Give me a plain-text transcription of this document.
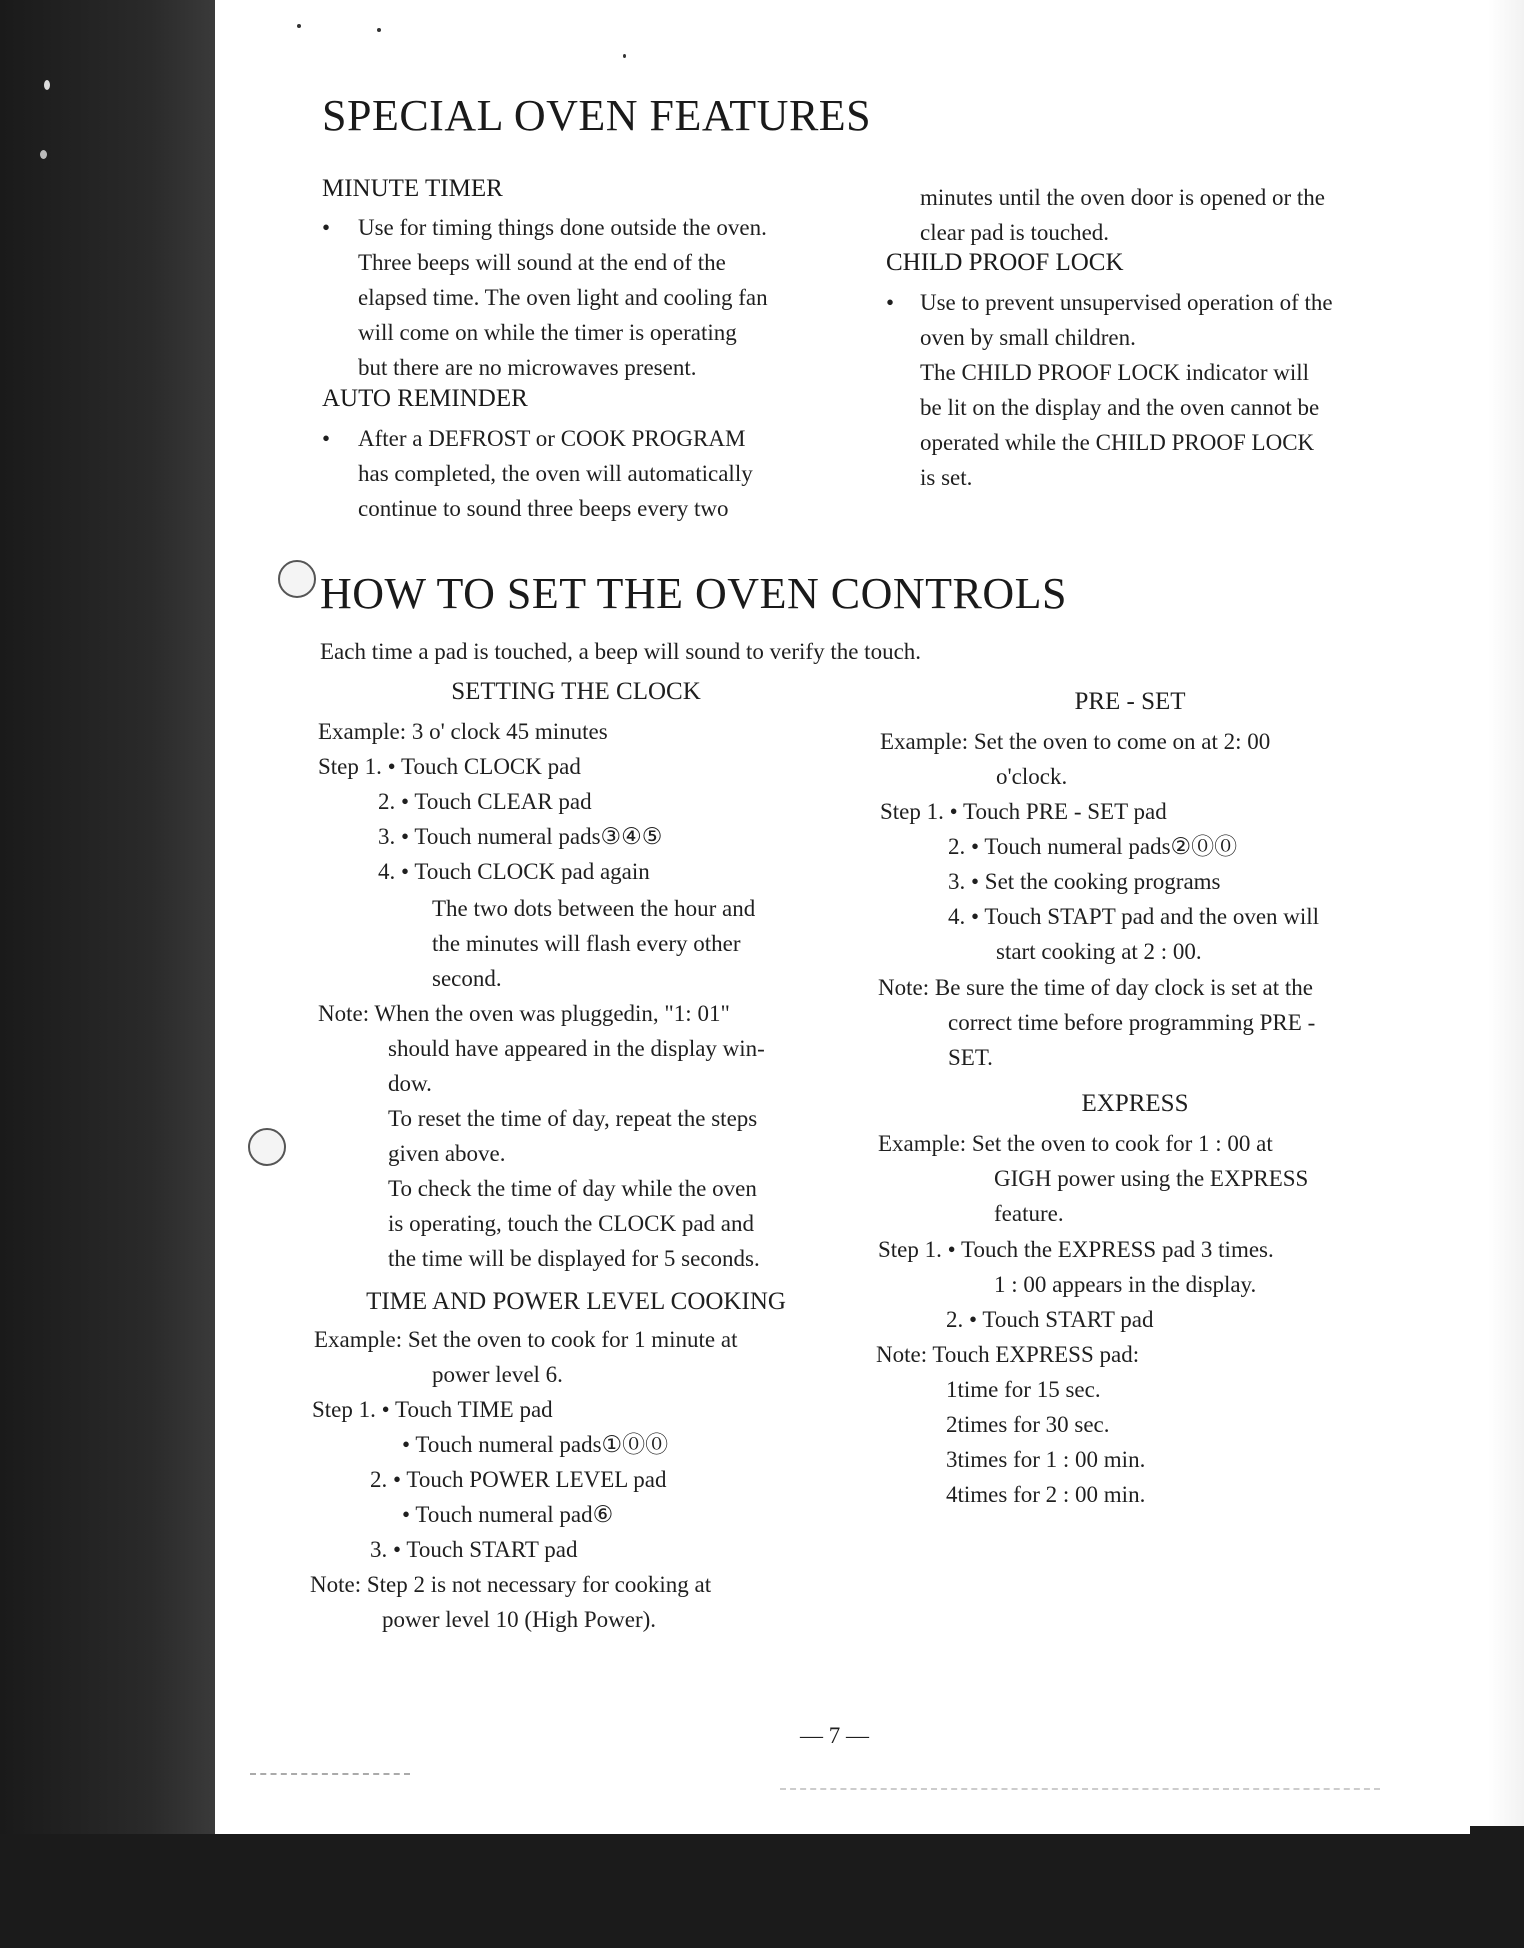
SPECIAL OVEN FEATURES
MINUTE TIMER
• Use for timing things done outside the oven.
Three beeps will sound at the end of the
elapsed time. The oven light and cooling fan
will come on while the timer is operating
but there are no microwaves present.
AUTO REMINDER
• After a DEFROST or COOK PROGRAM
has completed, the oven will automatically
continue to sound three beeps every two
minutes until the oven door is opened or the
clear pad is touched.
CHILD PROOF LOCK
• Use to prevent unsupervised operation of the
oven by small children.
The CHILD PROOF LOCK indicator will
be lit on the display and the oven cannot be
operated while the CHILD PROOF LOCK
is set.
HOW TO SET THE OVEN CONTROLS
Each time a pad is touched, a beep will sound to verify the touch.
SETTING THE CLOCK
Example: 3 o' clock 45 minutes
Step 1. • Touch CLOCK pad
2. • Touch CLEAR pad
3. • Touch numeral pads③④⑤
4. • Touch CLOCK pad again
The two dots between the hour and
the minutes will flash every other
second.
Note: When the oven was pluggedin, "1: 01"
should have appeared in the display win-
dow.
To reset the time of day, repeat the steps
given above.
To check the time of day while the oven
is operating, touch the CLOCK pad and
the time will be displayed for 5 seconds.
TIME AND POWER LEVEL COOKING
Example: Set the oven to cook for 1 minute at
power level 6.
Step 1. • Touch TIME pad
• Touch numeral pads①⓪⓪
2. • Touch POWER LEVEL pad
• Touch numeral pad⑥
3. • Touch START pad
Note: Step 2 is not necessary for cooking at
power level 10 (High Power).
PRE - SET
Example: Set the oven to come on at 2: 00
o'clock.
Step 1. • Touch PRE - SET pad
2. • Touch numeral pads②⓪⓪
3. • Set the cooking programs
4. • Touch STAPT pad and the oven will
start cooking at 2 : 00.
Note: Be sure the time of day clock is set at the
correct time before programming PRE -
SET.
EXPRESS
Example: Set the oven to cook for 1 : 00 at
GIGH power using the EXPRESS
feature.
Step 1. • Touch the EXPRESS pad 3 times.
1 : 00 appears in the display.
2. • Touch START pad
Note: Touch EXPRESS pad:
1time for 15 sec.
2times for 30 sec.
3times for 1 : 00 min.
4times for 2 : 00 min.
— 7 —
